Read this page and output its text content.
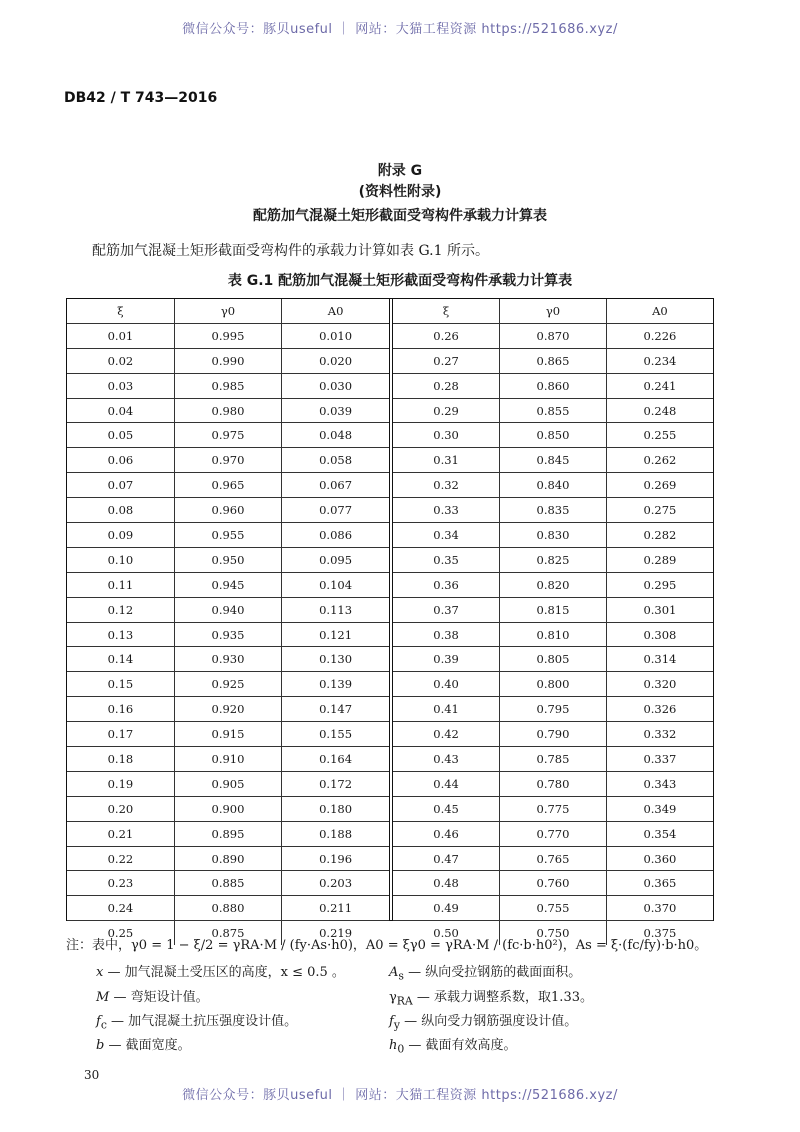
微信公众号：豚贝useful ｜ 网站：大猫工程资源 https://521686.xyz/
DB42 / T 743—2016
附录 G
(资料性附录)
配筋加气混凝土矩形截面受弯构件承载力计算表
配筋加气混凝土矩形截面受弯构件的承载力计算如表 G.1 所示。
表 G.1 配筋加气混凝土矩形截面受弯构件承载力计算表
ξ	γ0	A0
0.01	0.995	0.010
0.02	0.990	0.020
0.03	0.985	0.030
0.04	0.980	0.039
0.05	0.975	0.048
0.06	0.970	0.058
0.07	0.965	0.067
0.08	0.960	0.077
0.09	0.955	0.086
0.10	0.950	0.095
0.11	0.945	0.104
0.12	0.940	0.113
0.13	0.935	0.121
0.14	0.930	0.130
0.15	0.925	0.139
0.16	0.920	0.147
0.17	0.915	0.155
0.18	0.910	0.164
0.19	0.905	0.172
0.20	0.900	0.180
0.21	0.895	0.188
0.22	0.890	0.196
0.23	0.885	0.203
0.24	0.880	0.211
0.25	0.875	0.219
ξ	γ0	A0
0.26	0.870	0.226
0.27	0.865	0.234
0.28	0.860	0.241
0.29	0.855	0.248
0.30	0.850	0.255
0.31	0.845	0.262
0.32	0.840	0.269
0.33	0.835	0.275
0.34	0.830	0.282
0.35	0.825	0.289
0.36	0.820	0.295
0.37	0.815	0.301
0.38	0.810	0.308
0.39	0.805	0.314
0.40	0.800	0.320
0.41	0.795	0.326
0.42	0.790	0.332
0.43	0.785	0.337
0.44	0.780	0.343
0.45	0.775	0.349
0.46	0.770	0.354
0.47	0.765	0.360
0.48	0.760	0.365
0.49	0.755	0.370
0.50	0.750	0.375
注：表中，γ0 = 1 − ξ/2 = γRA·M / (fy·As·h0)，A0 = ξγ0 = γRA·M / (fc·b·h0²)，As = ξ·(fc/fy)·b·h0。
x — 加气混凝土受压区的高度，x ≤ 0.5 。
M — 弯矩设计值。
$f_c$ — 加气混凝土抗压强度设计值。
b — 截面宽度。
$A_s$ — 纵向受拉钢筋的截面面积。
$\gamma_{RA}$ — 承载力调整系数，取1.33。
$f_y$ — 纵向受力钢筋强度设计值。
$h_0$ — 截面有效高度。
30
微信公众号：豚贝useful ｜ 网站：大猫工程资源 https://521686.xyz/
